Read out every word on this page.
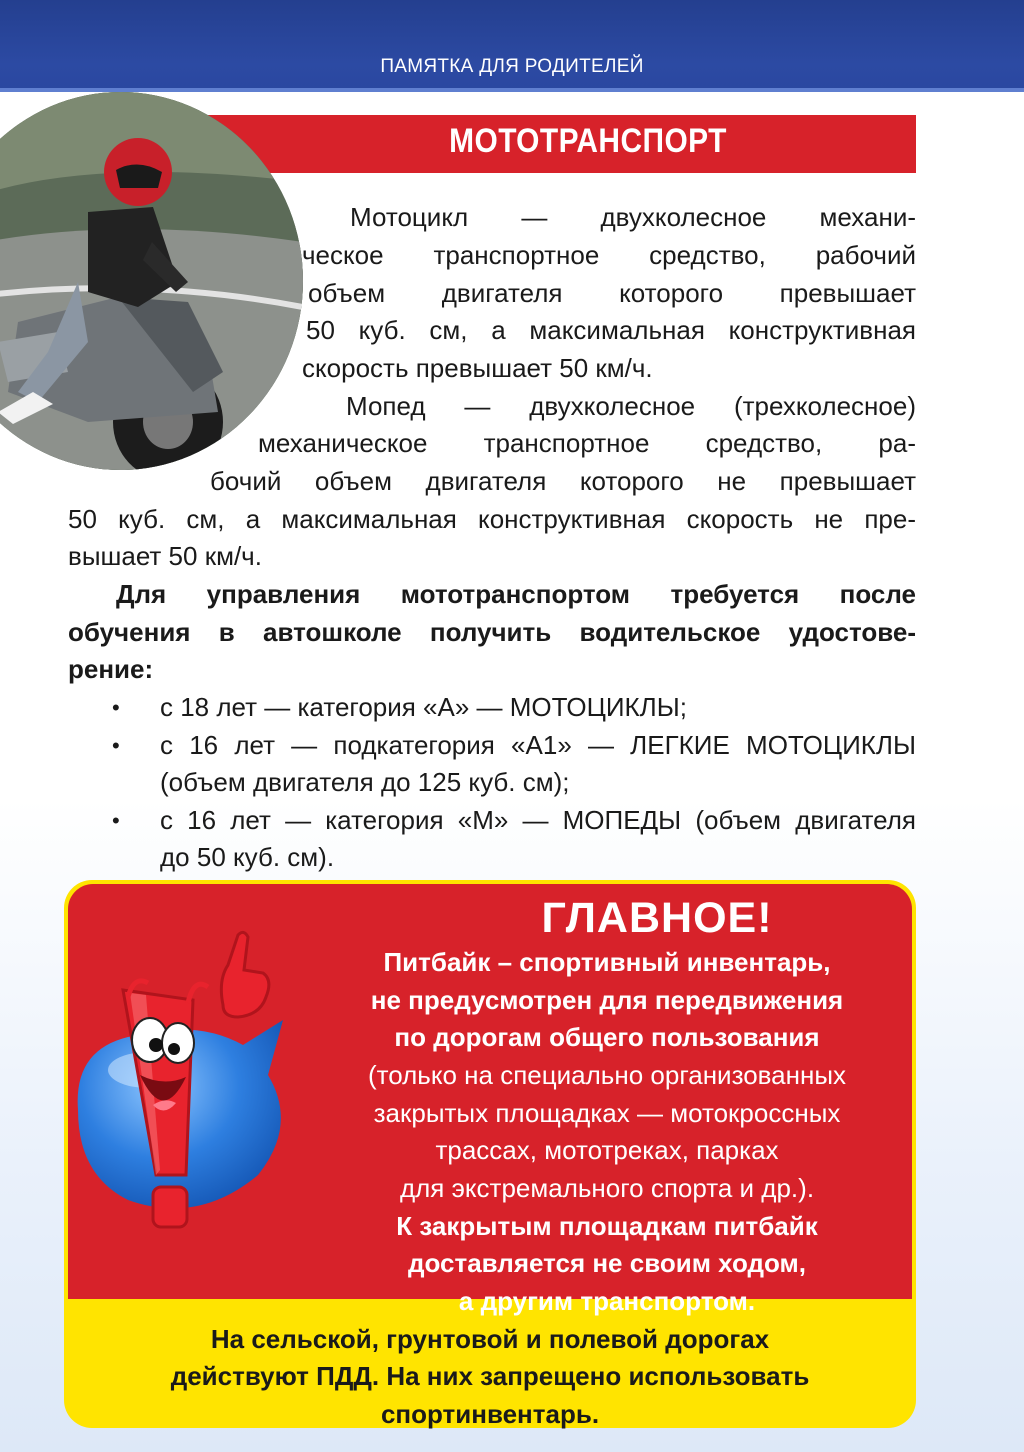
ПАМЯТКА ДЛЯ РОДИТЕЛЕЙ
МОТОТРАНСПОРТ
Мотоцикл — двухколесное механи-
ческое транспортное средство, рабочий
объем двигателя которого превышает
50 куб. см, а максимальная конструктивная
скорость превышает 50 км/ч.
Мопед — двухколесное (трехколесное)
механическое транспортное средство, ра-
бочий объем двигателя которого не превышает
50 куб. см, а максимальная конструктивная скорость не пре-
вышает 50 км/ч.
Для управления мототранспортом требуется после
обучения в автошколе получить водительское удостове-
рение:
• с 18 лет — категория «А» — МОТОЦИКЛЫ;
• с 16 лет — подкатегория «А1» — ЛЕГКИЕ МОТОЦИКЛЫ
(объем двигателя до 125 куб. см);
• с 16 лет — категория «М» — МОПЕДЫ (объем двигателя
до 50 куб. см).
ГЛАВНОЕ!
Питбайк – спортивный инвентарь,
не предусмотрен для передвижения
по дорогам общего пользования
(только на специально организованных
закрытых площадках — мотокроссных
трассах, мототреках, парках
для экстремального спорта и др.).
К закрытым площадкам питбайк
доставляется не своим ходом,
а другим транспортом.
На сельской, грунтовой и полевой дорогах
действуют ПДД. На них запрещено использовать
спортинвентарь.
